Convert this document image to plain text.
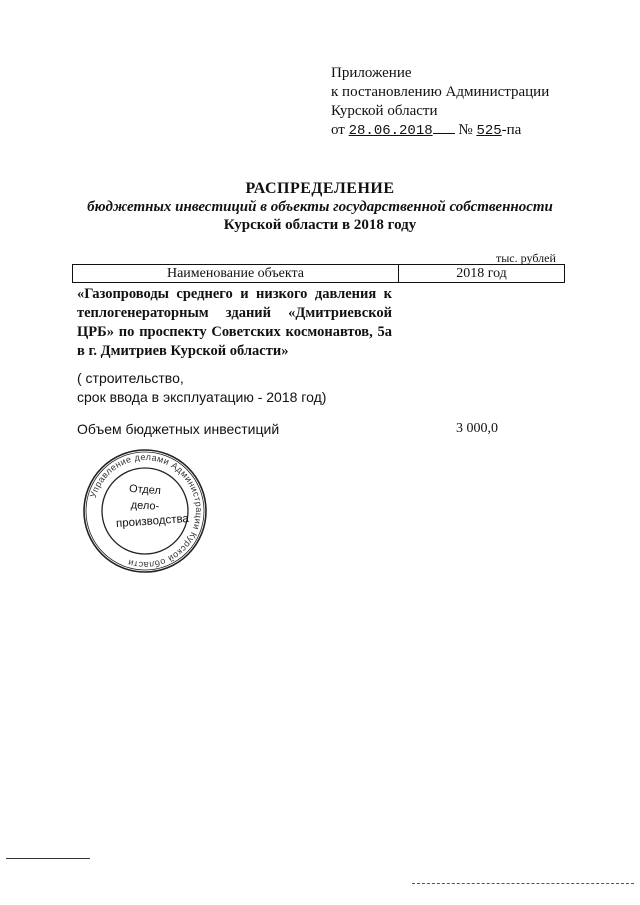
Приложение
к постановлению Администрации
Курской области
от 28.06.2018 № 525-па
РАСПРЕДЕЛЕНИЕ
бюджетных инвестиций в объекты государственной собственности
Курской области в 2018 году
тыс. рублей
Наименование объекта	2018 год
«Газопроводы среднего и низкого давления к теплогенераторным зданий «Дмитриевской ЦРБ» по проспекту Советских космонавтов, 5а в г. Дмитриев Курской области»
( строительство,
срок ввода в эксплуатацию - 2018 год)
Объем бюджетных инвестиций	3 000,0
Управление делами Администрации Курской области
Отдел
дело-
производства
